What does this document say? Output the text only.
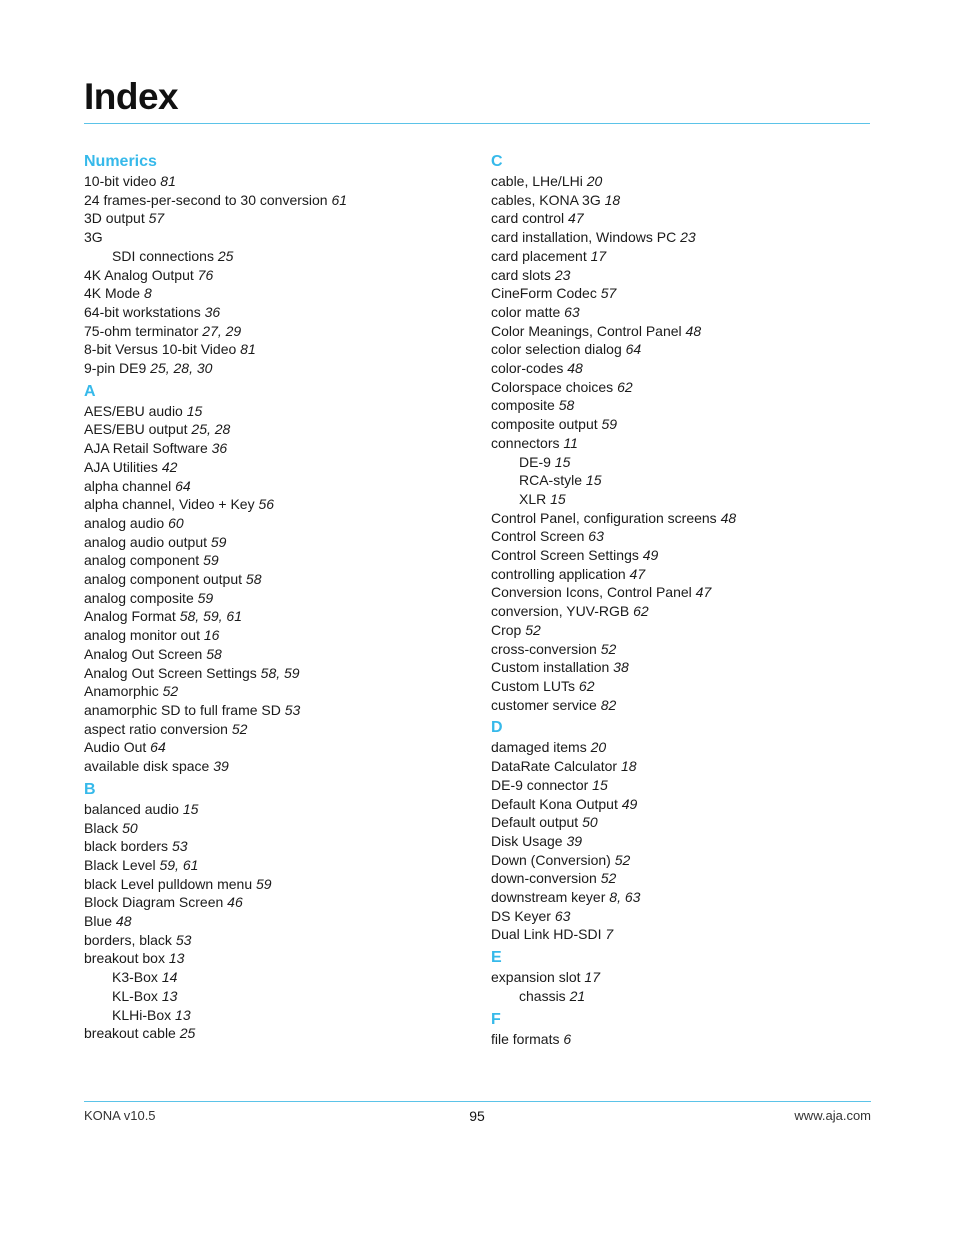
Index
Numerics
10-bit video 81
24 frames-per-second to 30 conversion 61
3D output 57
3G
SDI connections 25
4K Analog Output 76
4K Mode 8
64-bit workstations 36
75-ohm terminator 27, 29
8-bit Versus 10-bit Video 81
9-pin DE9 25, 28, 30
A
AES/EBU audio 15
AES/EBU output 25, 28
AJA Retail Software 36
AJA Utilities 42
alpha channel 64
alpha channel, Video + Key 56
analog audio 60
analog audio output 59
analog component 59
analog component output 58
analog composite 59
Analog Format 58, 59, 61
analog monitor out 16
Analog Out Screen 58
Analog Out Screen Settings 58, 59
Anamorphic 52
anamorphic SD to full frame SD 53
aspect ratio conversion 52
Audio Out 64
available disk space 39
B
balanced audio 15
Black 50
black borders 53
Black Level 59, 61
black Level pulldown menu 59
Block Diagram Screen 46
Blue 48
borders, black 53
breakout box 13
K3-Box 14
KL-Box 13
KLHi-Box 13
breakout cable 25
C
cable, LHe/LHi 20
cables, KONA 3G 18
card control 47
card installation, Windows PC 23
card placement 17
card slots 23
CineForm Codec 57
color matte 63
Color Meanings, Control Panel 48
color selection dialog 64
color-codes 48
Colorspace choices 62
composite 58
composite output 59
connectors 11
DE-9 15
RCA-style 15
XLR 15
Control Panel, configuration screens 48
Control Screen 63
Control Screen Settings 49
controlling application 47
Conversion Icons, Control Panel 47
conversion, YUV-RGB 62
Crop 52
cross-conversion 52
Custom installation 38
Custom LUTs 62
customer service 82
D
damaged items 20
DataRate Calculator 18
DE-9 connector 15
Default Kona Output 49
Default output 50
Disk Usage 39
Down (Conversion) 52
down-conversion 52
downstream keyer 8, 63
DS Keyer 63
Dual Link HD-SDI 7
E
expansion slot 17
chassis 21
F
file formats 6
KONA v10.5	95	www.aja.com
